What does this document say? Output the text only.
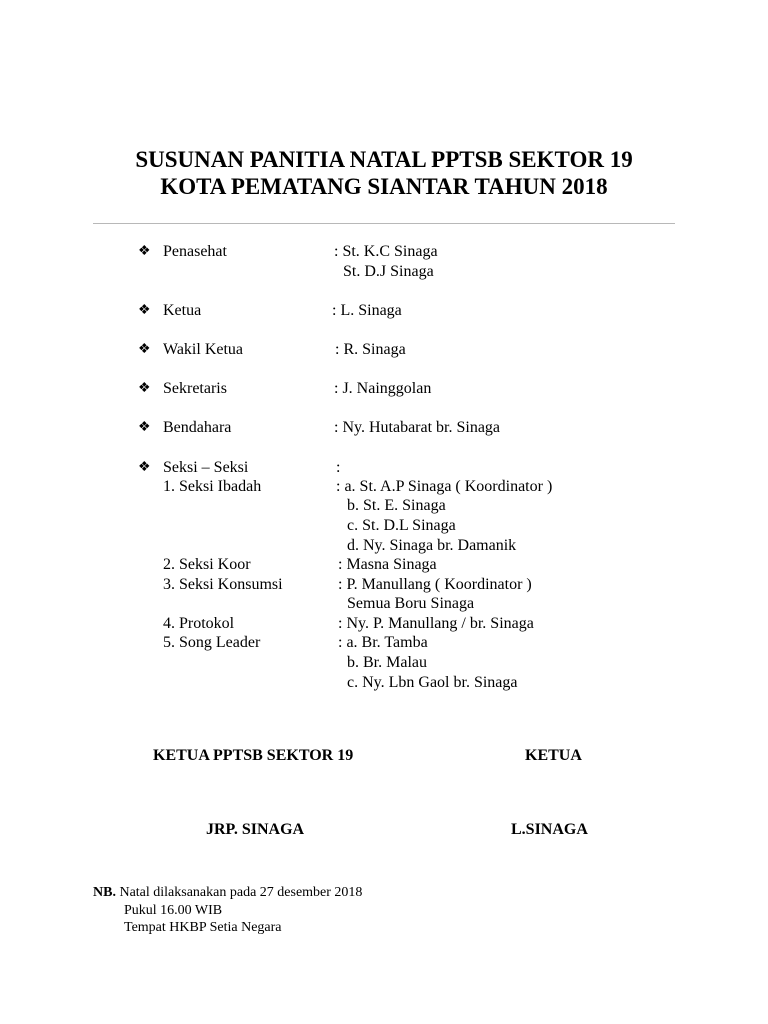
SUSUNAN PANITIA NATAL PPTSB SEKTOR 19
KOTA PEMATANG SIANTAR TAHUN 2018
❖ Penasehat	: St. K.C Sinaga
St. D.J Sinaga
❖ Ketua	: L. Sinaga
❖ Wakil Ketua	: R. Sinaga
❖ Sekretaris	: J. Nainggolan
❖ Bendahara	: Ny. Hutabarat br. Sinaga
❖ Seksi – Seksi	:
1. Seksi Ibadah	: a. St. A.P Sinaga ( Koordinator )
b. St. E. Sinaga
c. St. D.L Sinaga
d. Ny. Sinaga br. Damanik
2. Seksi Koor	: Masna Sinaga
3. Seksi Konsumsi	: P. Manullang ( Koordinator )
Semua Boru Sinaga
4. Protokol	: Ny. P. Manullang / br. Sinaga
5. Song Leader	: a. Br. Tamba
b. Br. Malau
c. Ny. Lbn Gaol br. Sinaga
KETUA PPTSB SEKTOR 19	KETUA
JRP. SINAGA	L.SINAGA
NB. Natal dilaksanakan pada 27 desember 2018
Pukul 16.00 WIB
Tempat HKBP Setia Negara
